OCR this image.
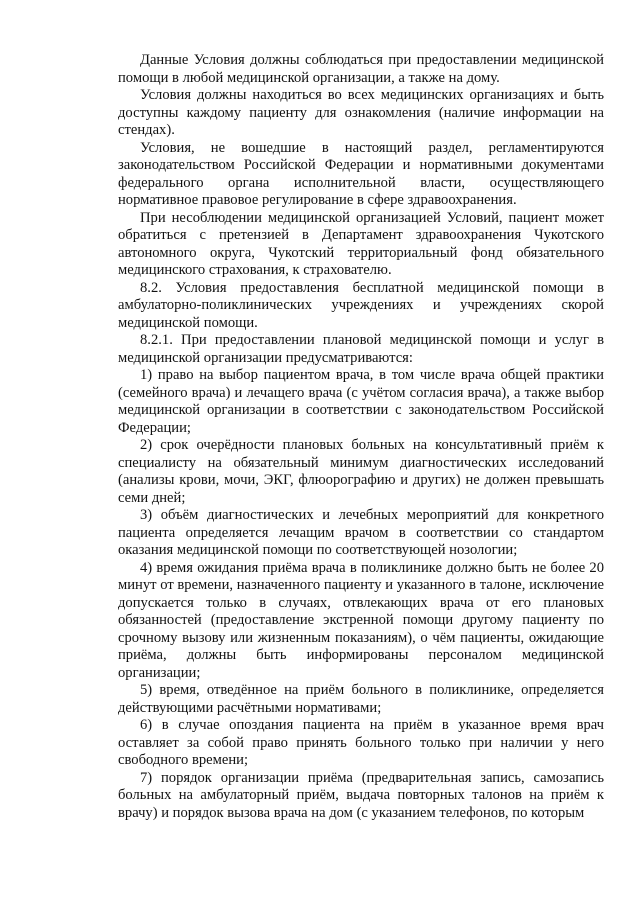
Данные Условия должны соблюдаться при предоставлении медицинской помощи в любой медицинской организации, а также на дому.

Условия должны находиться во всех медицинских организациях и быть доступны каждому пациенту для ознакомления (наличие информации на стендах).

Условия, не вошедшие в настоящий раздел, регламентируются законодательством Российской Федерации и нормативными документами федерального органа исполнительной власти, осуществляющего нормативное правовое регулирование в сфере здравоохранения.

При несоблюдении медицинской организацией Условий, пациент может обратиться с претензией в Департамент здравоохранения Чукотского автономного округа, Чукотский территориальный фонд обязательного медицинского страхования, к страхователю.

8.2. Условия предоставления бесплатной медицинской помощи в амбулаторно-поликлинических учреждениях и учреждениях скорой медицинской помощи.

8.2.1. При предоставлении плановой медицинской помощи и услуг в медицинской организации предусматриваются:

1) право на выбор пациентом врача, в том числе врача общей практики (семейного врача) и лечащего врача (с учётом согласия врача), а также выбор медицинской организации в соответствии с законодательством Российской Федерации;

2) срок очерёдности плановых больных на консультативный приём к специалисту на обязательный минимум диагностических исследований (анализы крови, мочи, ЭКГ, флюорографию и других) не должен превышать семи дней;

3) объём диагностических и лечебных мероприятий для конкретного пациента определяется лечащим врачом в соответствии со стандартом оказания медицинской помощи по соответствующей нозологии;

4) время ожидания приёма врача в поликлинике должно быть не более 20 минут от времени, назначенного пациенту и указанного в талоне, исключение допускается только в случаях, отвлекающих врача от его плановых обязанностей (предоставление экстренной помощи другому пациенту по срочному вызову или жизненным показаниям), о чём пациенты, ожидающие приёма, должны быть информированы персоналом медицинской организации;

5) время, отведённое на приём больного в поликлинике, определяется действующими расчётными нормативами;

6) в случае опоздания пациента на приём в указанное время врач оставляет за собой право принять больного только при наличии у него свободного времени;

7) порядок организации приёма (предварительная запись, самозапись больных на амбулаторный приём, выдача повторных талонов на приём к врачу) и порядок вызова врача на дом (с указанием телефонов, по которым
